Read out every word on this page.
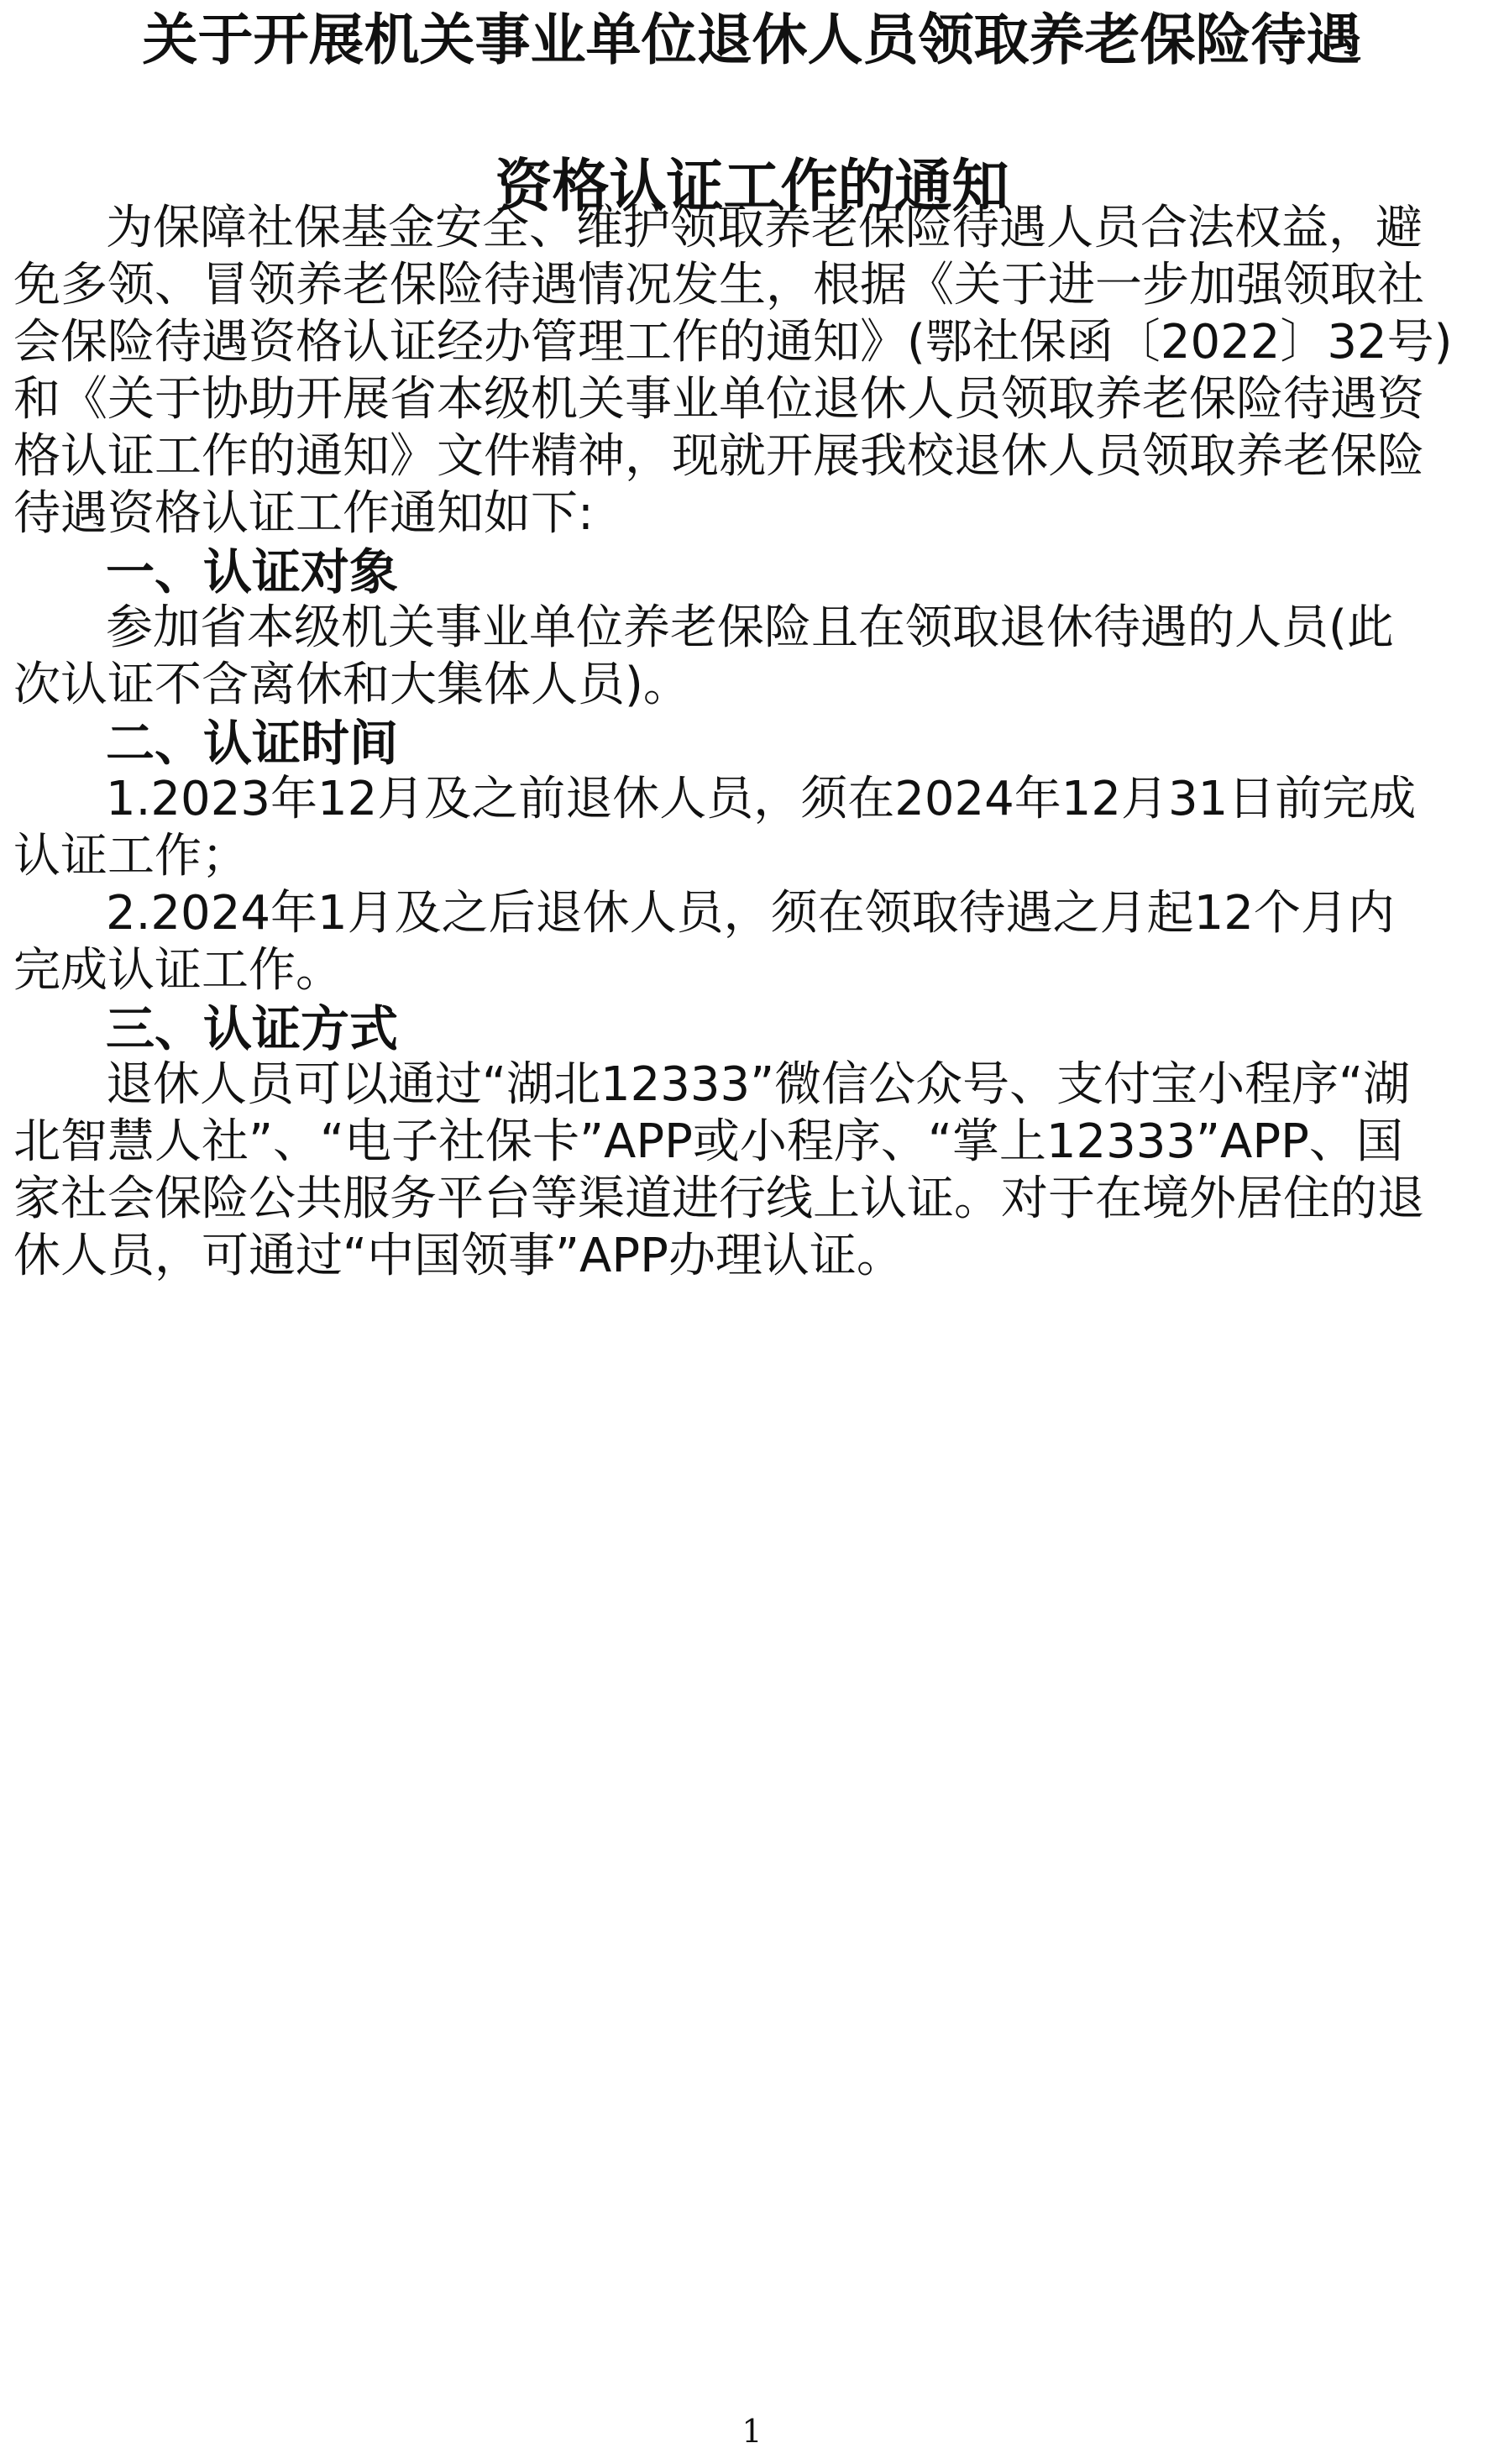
关于开展机关事业单位退休人员领取养老保险待遇
资格认证工作的通知
为保障社保基金安全、维护领取养老保险待遇人员合法权益，避
免多领、冒领养老保险待遇情况发生，根据《关于进一步加强领取社
会保险待遇资格认证经办管理工作的通知》(鄂社保函〔2022〕32号)
和《关于协助开展省本级机关事业单位退休人员领取养老保险待遇资
格认证工作的通知》文件精神，现就开展我校退休人员领取养老保险
待遇资格认证工作通知如下:
一、认证对象
参加省本级机关事业单位养老保险且在领取退休待遇的人员(此
次认证不含离休和大集体人员)。
二、认证时间
1.2023年12月及之前退休人员，须在2024年12月31日前完成
认证工作；
2.2024年1月及之后退休人员，须在领取待遇之月起12个月内
完成认证工作。
三、认证方式
退休人员可以通过“湖北12333”微信公众号、支付宝小程序“湖
北智慧人社”、“电子社保卡”APP或小程序、“掌上12333”APP、国
家社会保险公共服务平台等渠道进行线上认证。对于在境外居住的退
休人员，可通过“中国领事”APP办理认证。
1
